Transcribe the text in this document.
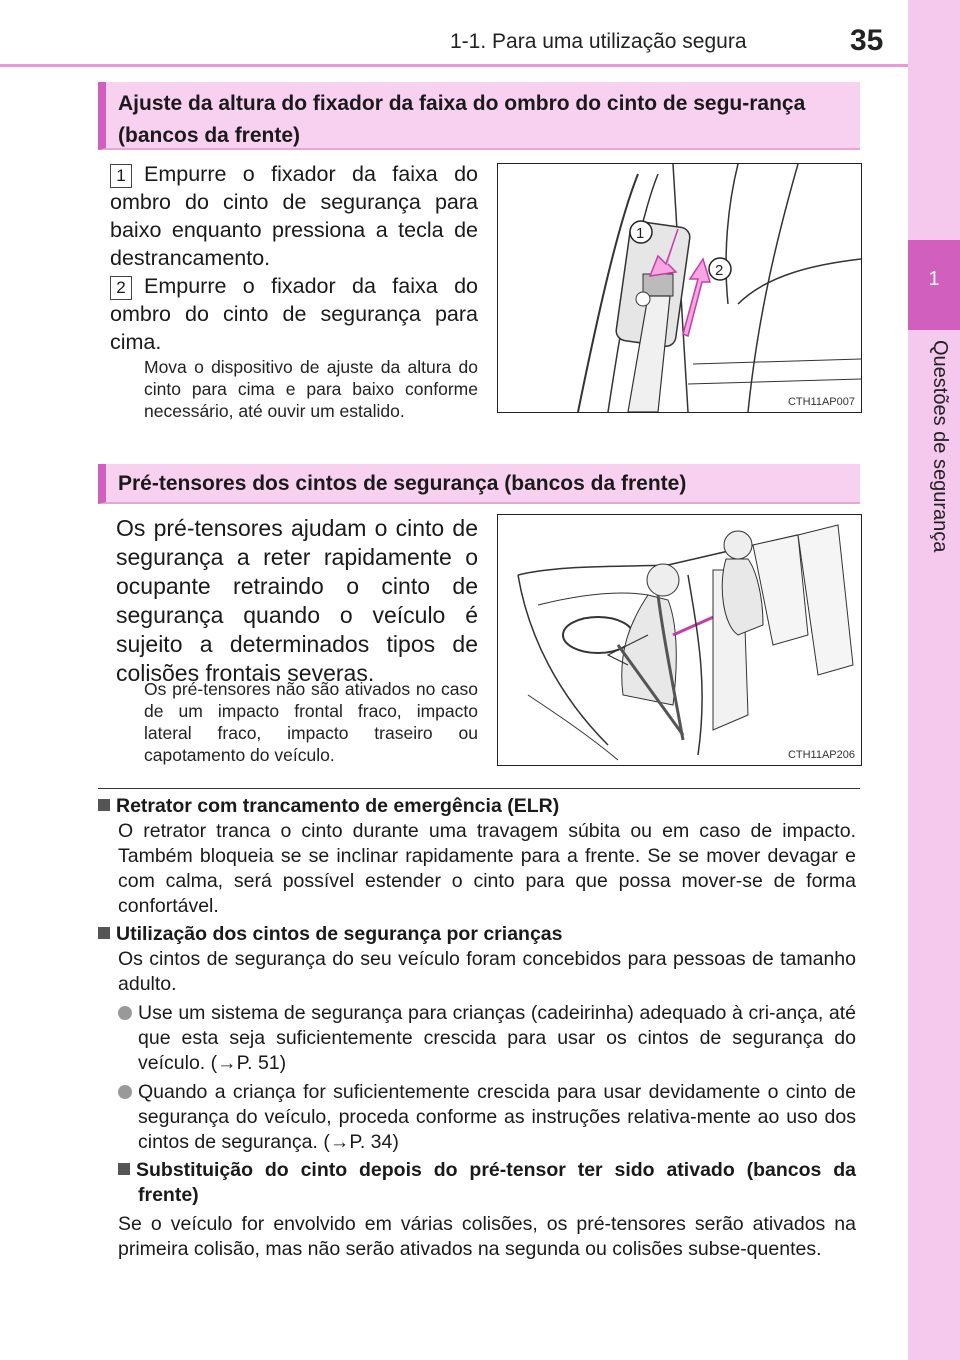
1-1. Para uma utilização segura	35
1
Questões de segurança
Ajuste da altura do fixador da faixa do ombro do cinto de segu-rança (bancos da frente)
1 Empurre o fixador da faixa do ombro do cinto de segurança para baixo enquanto pressiona a tecla de destrancamento.
2 Empurre o fixador da faixa do ombro do cinto de segurança para cima.
Mova o dispositivo de ajuste da altura do cinto para cima e para baixo conforme necessário, até ouvir um estalido.
1
2
CTH11AP007
Pré-tensores dos cintos de segurança (bancos da frente)
Os pré-tensores ajudam o cinto de segurança a reter rapidamente o ocupante retraindo o cinto de segurança quando o veículo é sujeito a determinados tipos de colisões frontais severas.
Os pré-tensores não são ativados no caso de um impacto frontal fraco, impacto lateral fraco, impacto traseiro ou capotamento do veículo.	CTH11AP206
Retrator com trancamento de emergência (ELR)
O retrator tranca o cinto durante uma travagem súbita ou em caso de impacto. Também bloqueia se se inclinar rapidamente para a frente. Se se mover devagar e com calma, será possível estender o cinto para que possa mover-se de forma confortável.
Utilização dos cintos de segurança por crianças
Os cintos de segurança do seu veículo foram concebidos para pessoas de tamanho adulto.
Use um sistema de segurança para crianças (cadeirinha) adequado à cri-ança, até que esta seja suficientemente crescida para usar os cintos de segurança do veículo. (→P. 51)
Quando a criança for suficientemente crescida para usar devidamente o cinto de segurança do veículo, proceda conforme as instruções relativa-mente ao uso dos cintos de segurança. (→P. 34)
Substituição do cinto depois do pré-tensor ter sido ativado (bancos da frente)
Se o veículo for envolvido em várias colisões, os pré-tensores serão ativados na primeira colisão, mas não serão ativados na segunda ou colisões subse-quentes.
